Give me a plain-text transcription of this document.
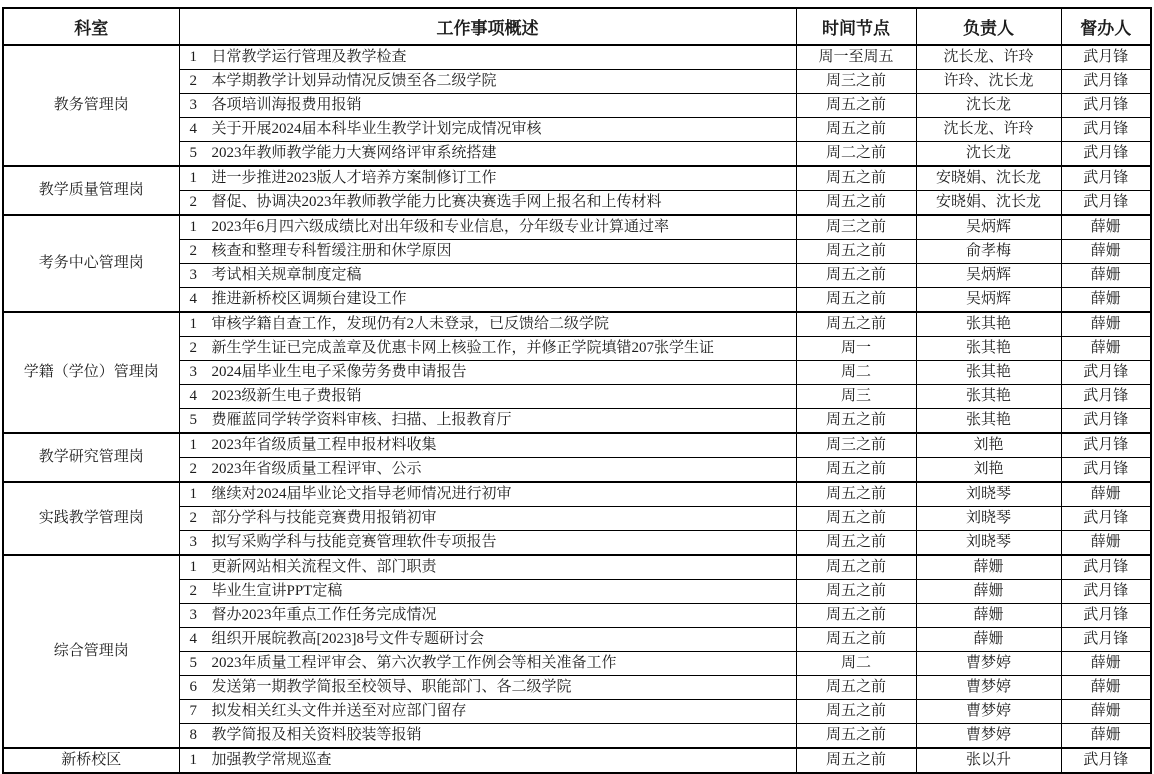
科室	工作事项概述	时间节点	负责人	督办人
教务管理岗	1 日常教学运行管理及教学检查	周一至周五	沈长龙、许玲	武月锋
	2 本学期教学计划异动情况反馈至各二级学院	周三之前	许玲、沈长龙	武月锋
	3 各项培训海报费用报销	周五之前	沈长龙	武月锋
	4 关于开展2024届本科毕业生教学计划完成情况审核	周五之前	沈长龙、许玲	武月锋
	5 2023年教师教学能力大赛网络评审系统搭建	周二之前	沈长龙	武月锋
教学质量管理岗	1 进一步推进2023版人才培养方案制修订工作	周五之前	安晓娟、沈长龙	武月锋
	2 督促、协调决2023年教师教学能力比赛决赛选手网上报名和上传材料	周五之前	安晓娟、沈长龙	武月锋
考务中心管理岗	1 2023年6月四六级成绩比对出年级和专业信息，分年级专业计算通过率	周三之前	吴炳辉	薛姗
	2 核查和整理专科暂缓注册和休学原因	周五之前	俞孝梅	薛姗
	3 考试相关规章制度定稿	周五之前	吴炳辉	薛姗
	4 推进新桥校区调频台建设工作	周五之前	吴炳辉	薛姗
学籍（学位）管理岗	1 审核学籍自查工作，发现仍有2人未登录，已反馈给二级学院	周五之前	张其艳	薛姗
	2 新生学生证已完成盖章及优惠卡网上核验工作，并修正学院填错207张学生证	周一	张其艳	薛姗
	3 2024届毕业生电子采像劳务费申请报告	周二	张其艳	武月锋
	4 2023级新生电子费报销	周三	张其艳	武月锋
	5 费雁蓝同学转学资料审核、扫描、上报教育厅	周五之前	张其艳	武月锋
教学研究管理岗	1 2023年省级质量工程申报材料收集	周三之前	刘艳	武月锋
	2 2023年省级质量工程评审、公示	周五之前	刘艳	武月锋
实践教学管理岗	1 继续对2024届毕业论文指导老师情况进行初审	周五之前	刘晓琴	薛姗
	2 部分学科与技能竞赛费用报销初审	周五之前	刘晓琴	武月锋
	3 拟写采购学科与技能竞赛管理软件专项报告	周五之前	刘晓琴	薛姗
综合管理岗	1 更新网站相关流程文件、部门职责	周五之前	薛姗	武月锋
	2 毕业生宣讲PPT定稿	周五之前	薛姗	武月锋
	3 督办2023年重点工作任务完成情况	周五之前	薛姗	武月锋
	4 组织开展皖教高[2023]8号文件专题研讨会	周五之前	薛姗	武月锋
	5 2023年质量工程评审会、第六次教学工作例会等相关准备工作	周二	曹梦婷	薛姗
	6 发送第一期教学简报至校领导、职能部门、各二级学院	周五之前	曹梦婷	薛姗
	7 拟发相关红头文件并送至对应部门留存	周五之前	曹梦婷	薛姗
	8 教学简报及相关资料胶装等报销	周五之前	曹梦婷	薛姗
新桥校区	1 加强教学常规巡查	周五之前	张以升	武月锋
